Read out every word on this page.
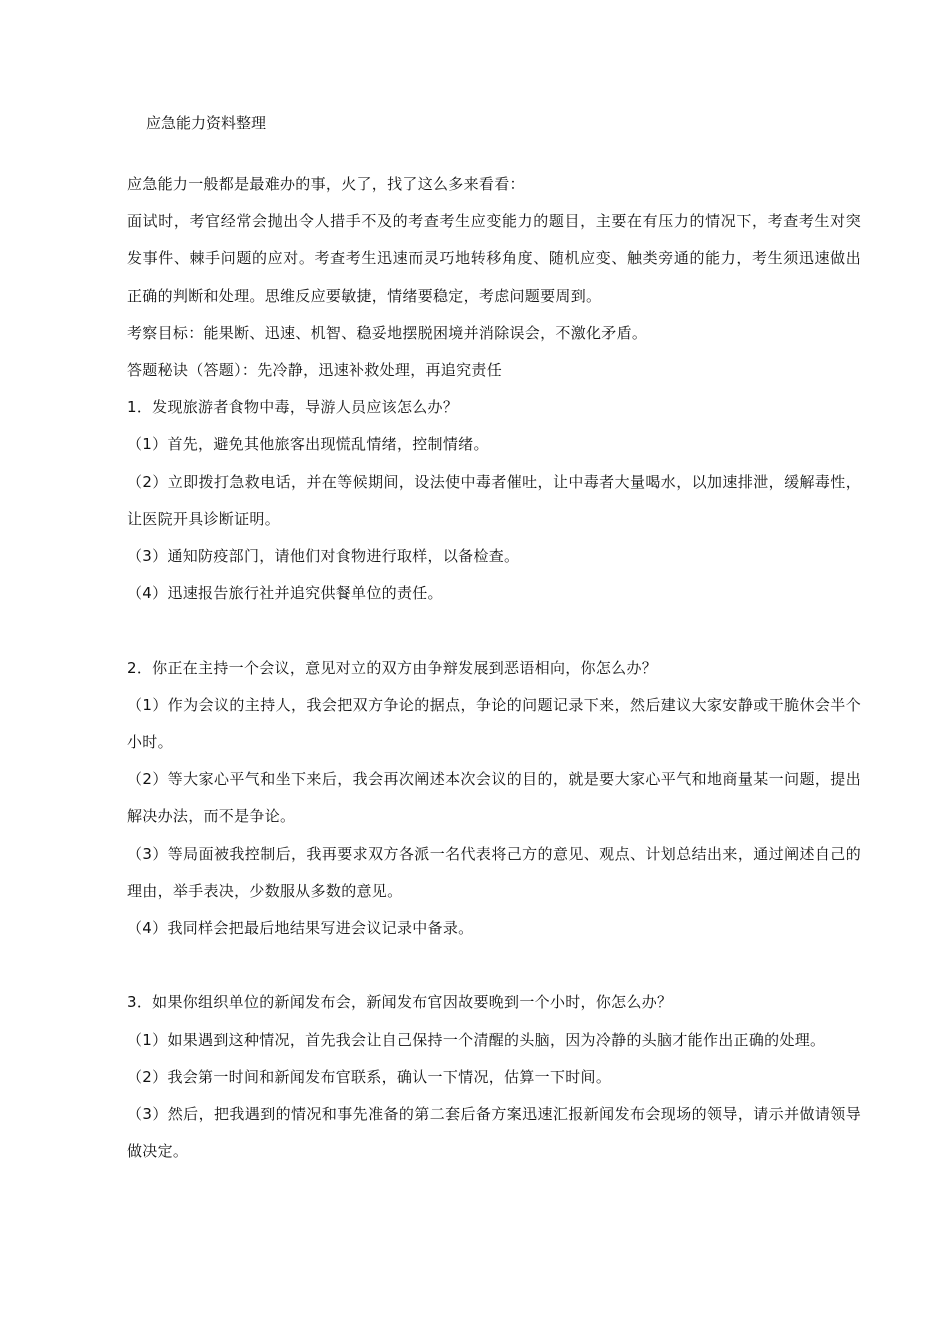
应急能力资料整理

应急能力一般都是最难办的事，火了，找了这么多来看看：

面试时，考官经常会抛出令人措手不及的考查考生应变能力的题目，主要在有压力的情况下，考查考生对突发事件、棘手问题的应对。考查考生迅速而灵巧地转移角度、随机应变、触类旁通的能力，考生须迅速做出正确的判断和处理。思维反应要敏捷，情绪要稳定，考虑问题要周到。

考察目标：能果断、迅速、机智、稳妥地摆脱困境并消除误会，不激化矛盾。

答题秘诀（答题）：先冷静，迅速补救处理，再追究责任

1．发现旅游者食物中毒，导游人员应该怎么办？

（1）首先，避免其他旅客出现慌乱情绪，控制情绪。

（2）立即拨打急救电话，并在等候期间，设法使中毒者催吐，让中毒者大量喝水，以加速排泄，缓解毒性，让医院开具诊断证明。

（3）通知防疫部门，请他们对食物进行取样，以备检查。

（4）迅速报告旅行社并追究供餐单位的责任。

2．你正在主持一个会议，意见对立的双方由争辩发展到恶语相向，你怎么办？

（1）作为会议的主持人，我会把双方争论的据点，争论的问题记录下来，然后建议大家安静或干脆休会半个小时。

（2）等大家心平气和坐下来后，我会再次阐述本次会议的目的，就是要大家心平气和地商量某一问题，提出解决办法，而不是争论。

（3）等局面被我控制后，我再要求双方各派一名代表将己方的意见、观点、计划总结出来，通过阐述自己的理由，举手表决，少数服从多数的意见。

（4）我同样会把最后地结果写进会议记录中备录。

3．如果你组织单位的新闻发布会，新闻发布官因故要晚到一个小时，你怎么办？

（1）如果遇到这种情况，首先我会让自己保持一个清醒的头脑，因为冷静的头脑才能作出正确的处理。

（2）我会第一时间和新闻发布官联系，确认一下情况，估算一下时间。

（3）然后，把我遇到的情况和事先准备的第二套后备方案迅速汇报新闻发布会现场的领导，请示并做请领导做决定。
